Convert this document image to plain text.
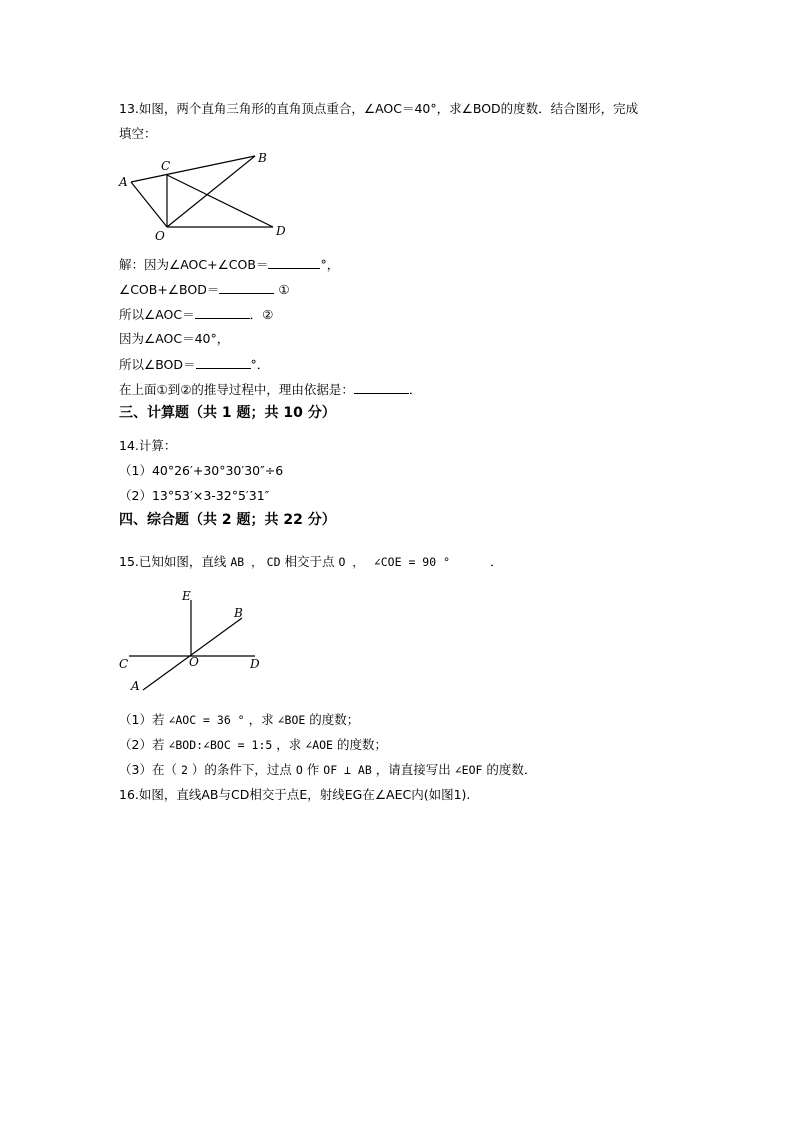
13.如图，两个直角三角形的直角顶点重合，∠AOC＝40°，求∠BOD的度数．结合图形，完成
填空：
A
C
B
O	D
解：因为∠AOC+∠COB＝	°，
∠COB+∠BOD＝	①
所以∠AOC＝	．②
因为∠AOC＝40°，
所以∠BOD＝	°．
在上面①到②的推导过程中，理由依据是：	．
三、计算题（共 1 题；共 10 分）
14.计算：
（1）40°26′+30°30′30″÷6
（2）13°53′×3-32°5′31″
四、综合题（共 2 题；共 22 分）
15.已知如图，直线 AB ， CD 相交于点 O ， ∠COE = 90 °	．
E
B
C	O	D
A
（1）若 ∠AOC = 36 ° ，求 ∠BOE 的度数；
（2）若 ∠BOD:∠BOC = 1:5 ，求 ∠AOE 的度数；
（3）在（ 2 ）的条件下，过点 O 作 OF ⊥ AB ，请直接写出 ∠EOF 的度数．
16.如图，直线AB与CD相交于点E，射线EG在∠AEC内(如图1).
